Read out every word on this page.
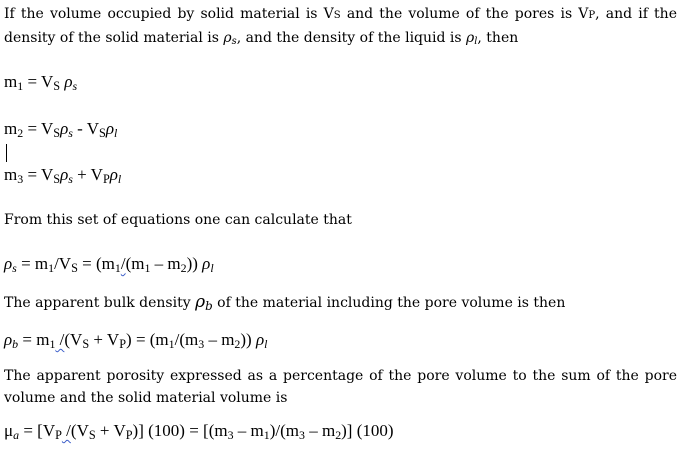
If the volume occupied by solid material is VS and the volume of the pores is VP, and if the density of the solid material is $\rho_s$, and the density of the liquid is $\rho_l$, then

$m_1 = V_S$ $\rho_s$

$m_2 = V_S\rho_s - V_S\rho_l$

$m_3 = V_S\rho_s + V_P\rho_l$

From this set of equations one can calculate that

$\rho_s = m_1/V_S = (m_1/(m_1 - m_2))$ $\rho_l$

The apparent bulk density $\rho_b$ of the material including the pore volume is then

$\rho_b = m_1$ $/(V_S + V_P) = (m_1/(m_3 - m_2))$ $\rho_l$

The apparent porosity expressed as a percentage of the pore volume to the sum of the pore volume and the solid material volume is

$\mu_a = [V_P$ $/(V_S + V_P)$] $(100) = [(m_3 - m_1)/(m_3 - m_2)]$ (100)
